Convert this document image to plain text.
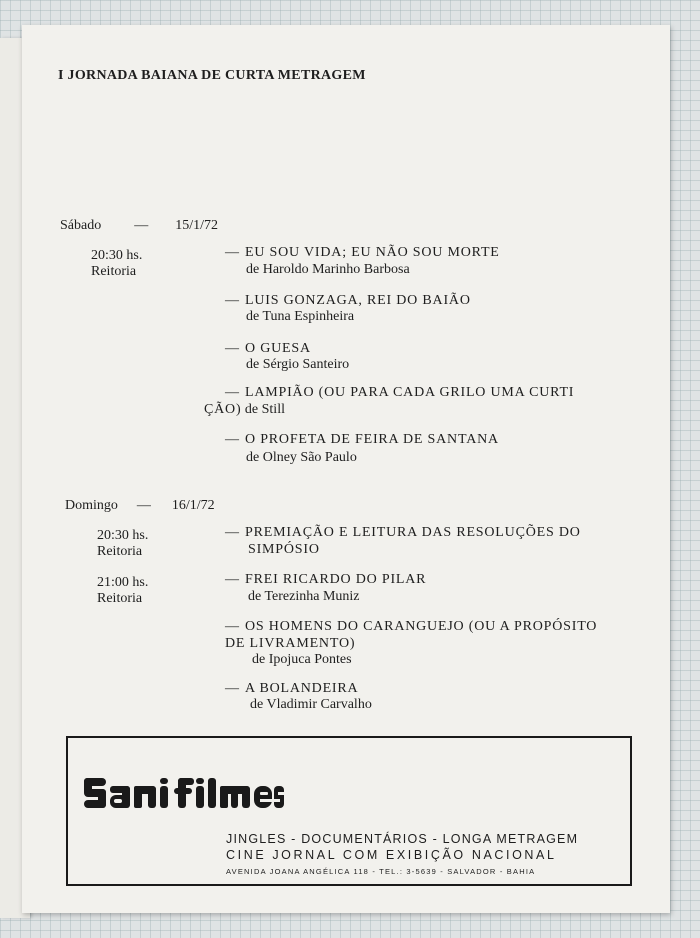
I JORNADA BAIANA DE CURTA METRAGEM
Sábado — 15/1/72
20:30 hs.
Reitoria
— EU SOU VIDA; EU NÃO SOU MORTE
de Haroldo Marinho Barbosa
— LUIS GONZAGA, REI DO BAIÃO
de Tuna Espinheira
— O GUESA
de Sérgio Santeiro
— LAMPIÃO (OU PARA CADA GRILO UMA CURTI
ÇÃO) de Still
— O PROFETA DE FEIRA DE SANTANA
de Olney São Paulo
Domingo — 16/1/72
20:30 hs.
Reitoria
— PREMIAÇÃO E LEITURA DAS RESOLUÇÕES DO
SIMPÓSIO
21:00 hs.
Reitoria
— FREI RICARDO DO PILAR
de Terezinha Muniz
— OS HOMENS DO CARANGUEJO (OU A PROPÓSITO
DE LIVRAMENTO)
de Ipojuca Pontes
— A BOLANDEIRA
de Vladimir Carvalho
JINGLES - DOCUMENTÁRIOS - LONGA METRAGEM
CINE JORNAL COM EXIBIÇÃO NACIONAL
AVENIDA JOANA ANGÉLICA 118 - TEL.: 3-5639 - SALVADOR - BAHIA
